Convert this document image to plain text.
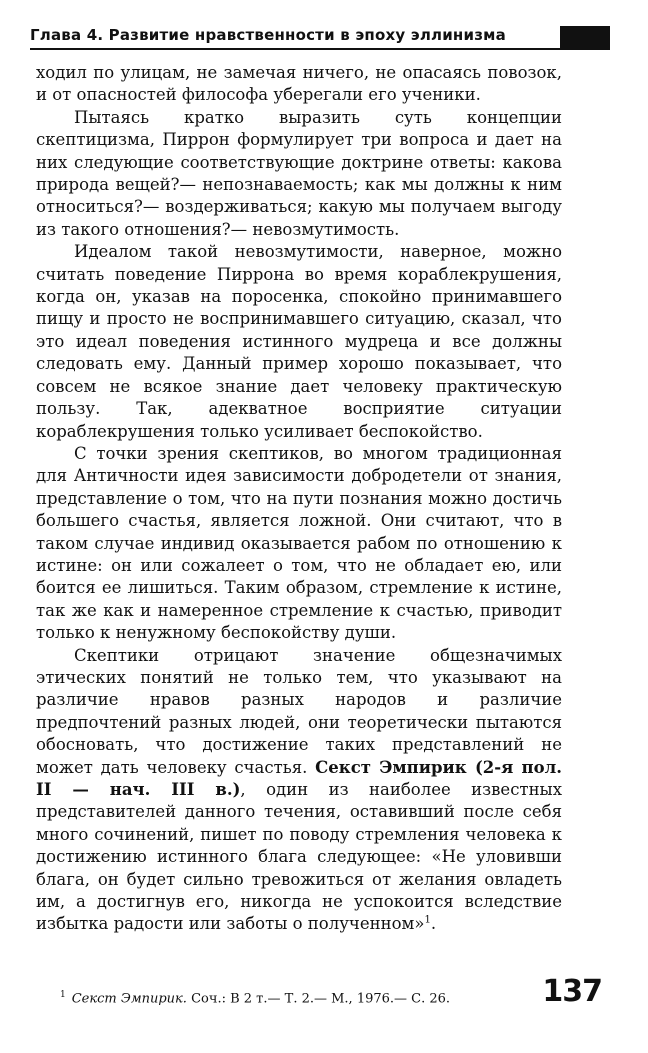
Глава 4. Развитие нравственности в эпоху эллинизма

ходил по улицам, не замечая ничего, не опасаясь повозок, и от опасностей философа уберегали его ученики.

Пытаясь кратко выразить суть концепции скептицизма, Пиррон формулирует три вопроса и дает на них следующие соответствующие доктрине ответы: какова природа вещей?— непознаваемость; как мы должны к ним относиться?— воздерживаться; какую мы получаем выгоду из такого отношения?— невозмутимость.

Идеалом такой невозмутимости, наверное, можно считать поведение Пиррона во время кораблекрушения, когда он, указав на поросенка, спокойно принимавшего пищу и просто не воспринимавшего ситуацию, сказал, что это идеал поведения истинного мудреца и все должны следовать ему. Данный пример хорошо показывает, что совсем не всякое знание дает человеку практическую пользу. Так, адекватное восприятие ситуации кораблекрушения только усиливает беспокойство.

С точки зрения скептиков, во многом традиционная для Античности идея зависимости добродетели от знания, представление о том, что на пути познания можно достичь большего счастья, является ложной. Они считают, что в таком случае индивид оказывается рабом по отношению к истине: он или сожалеет о том, что не обладает ею, или боится ее лишиться. Таким образом, стремление к истине, так же как и намеренное стремление к счастью, приводит только к ненужному беспокойству души.

Скептики отрицают значение общезначимых этических понятий не только тем, что указывают на различие нравов разных народов и различие предпочтений разных людей, они теоретически пытаются обосновать, что достижение таких представлений не может дать человеку счастья. Секст Эмпирик (2-я пол. II — нач. III в.), один из наиболее известных представителей данного течения, оставивший после себя много сочинений, пишет по поводу стремления человека к достижению истинного блага следующее: «Не уловивши блага, он будет сильно тревожиться от желания овладеть им, а достигнув его, никогда не успокоится вследствие избытка радости или заботы о полученном»$^1$.

$^1$ Секст Эмпирик. Соч.: В 2 т.— Т. 2.— М., 1976.— С. 26.	137
